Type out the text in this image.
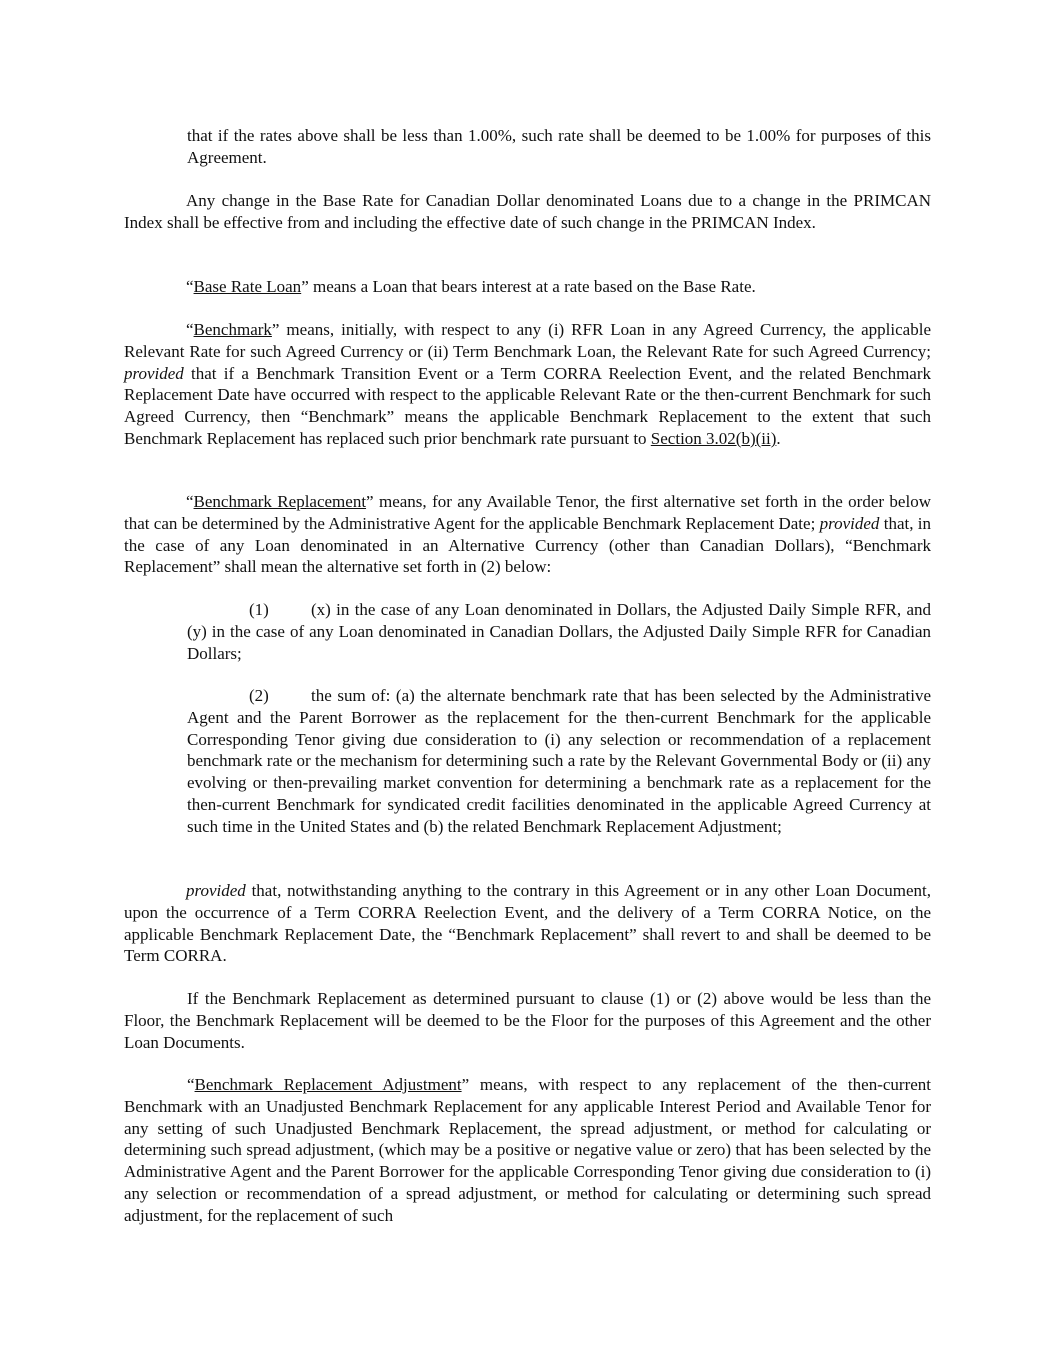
that if the rates above shall be less than 1.00%, such rate shall be deemed to be 1.00% for purposes of this Agreement.

Any change in the Base Rate for Canadian Dollar denominated Loans due to a change in the PRIMCAN Index shall be effective from and including the effective date of such change in the PRIMCAN Index.

“Base Rate Loan” means a Loan that bears interest at a rate based on the Base Rate.

“Benchmark” means, initially, with respect to any (i) RFR Loan in any Agreed Currency, the applicable Relevant Rate for such Agreed Currency or (ii) Term Benchmark Loan, the Relevant Rate for such Agreed Currency; provided that if a Benchmark Transition Event or a Term CORRA Reelection Event, and the related Benchmark Replacement Date have occurred with respect to the applicable Relevant Rate or the then-current Benchmark for such Agreed Currency, then “Benchmark” means the applicable Benchmark Replacement to the extent that such Benchmark Replacement has replaced such prior benchmark rate pursuant to Section 3.02(b)(ii).

“Benchmark Replacement” means, for any Available Tenor, the first alternative set forth in the order below that can be determined by the Administrative Agent for the applicable Benchmark Replacement Date; provided that, in the case of any Loan denominated in an Alternative Currency (other than Canadian Dollars), “Benchmark Replacement” shall mean the alternative set forth in (2) below:

(1) (x) in the case of any Loan denominated in Dollars, the Adjusted Daily Simple RFR, and (y) in the case of any Loan denominated in Canadian Dollars, the Adjusted Daily Simple RFR for Canadian Dollars;

(2) the sum of: (a) the alternate benchmark rate that has been selected by the Administrative Agent and the Parent Borrower as the replacement for the then-current Benchmark for the applicable Corresponding Tenor giving due consideration to (i) any selection or recommendation of a replacement benchmark rate or the mechanism for determining such a rate by the Relevant Governmental Body or (ii) any evolving or then-prevailing market convention for determining a benchmark rate as a replacement for the then-current Benchmark for syndicated credit facilities denominated in the applicable Agreed Currency at such time in the United States and (b) the related Benchmark Replacement Adjustment;

provided that, notwithstanding anything to the contrary in this Agreement or in any other Loan Document, upon the occurrence of a Term CORRA Reelection Event, and the delivery of a Term CORRA Notice, on the applicable Benchmark Replacement Date, the “Benchmark Replacement” shall revert to and shall be deemed to be Term CORRA.

If the Benchmark Replacement as determined pursuant to clause (1) or (2) above would be less than the Floor, the Benchmark Replacement will be deemed to be the Floor for the purposes of this Agreement and the other Loan Documents.

“Benchmark Replacement Adjustment” means, with respect to any replacement of the then-current Benchmark with an Unadjusted Benchmark Replacement for any applicable Interest Period and Available Tenor for any setting of such Unadjusted Benchmark Replacement, the spread adjustment, or method for calculating or determining such spread adjustment, (which may be a positive or negative value or zero) that has been selected by the Administrative Agent and the Parent Borrower for the applicable Corresponding Tenor giving due consideration to (i) any selection or recommendation of a spread adjustment, or method for calculating or determining such spread adjustment, for the replacement of such
